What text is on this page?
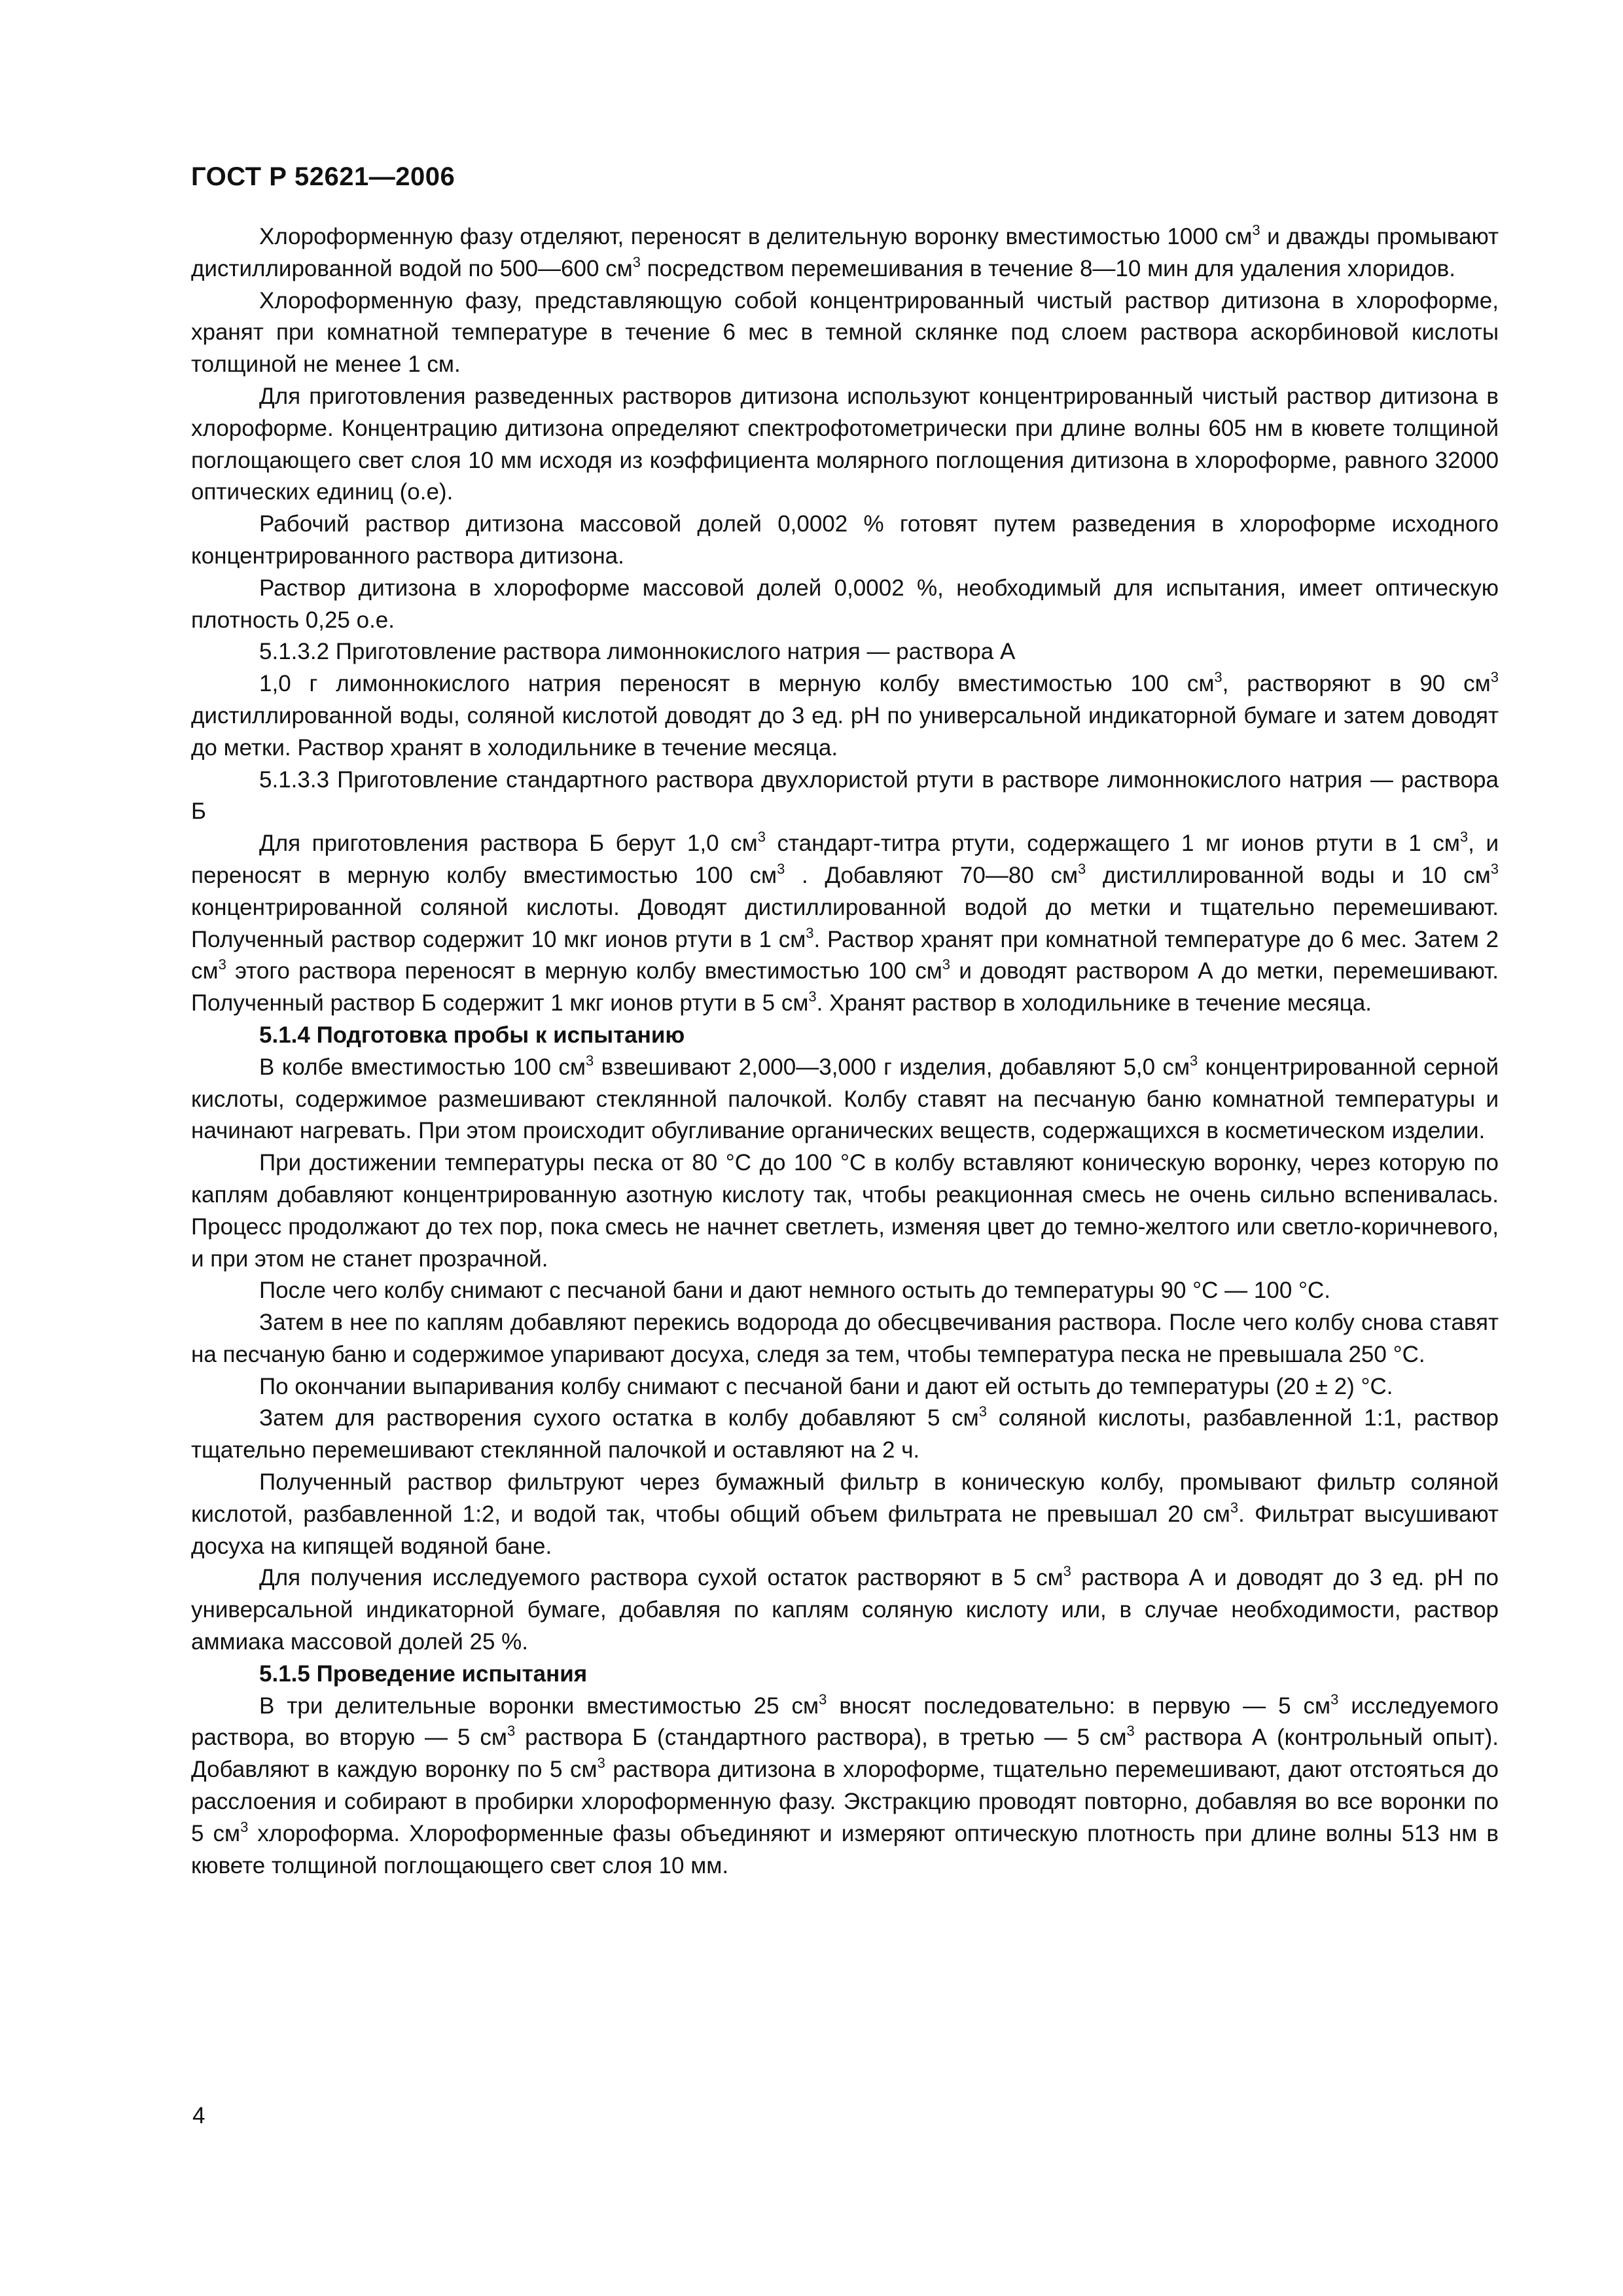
ГОСТ Р 52621—2006

Хлороформенную фазу отделяют, переносят в делительную воронку вместимостью 1000 $см^3$ и дважды промывают дистиллированной водой по 500—600 $см^3$ посредством перемешивания в течение 8—10 мин для удаления хлоридов.

Хлороформенную фазу, представляющую собой концентрированный чистый раствор дитизона в хлороформе, хранят при комнатной температуре в течение 6 мес в темной склянке под слоем раствора аскорбиновой кислоты толщиной не менее 1 см.

Для приготовления разведенных растворов дитизона используют концентрированный чистый раствор дитизона в хлороформе. Концентрацию дитизона определяют спектрофотометрически при длине волны 605 нм в кювете толщиной поглощающего свет слоя 10 мм исходя из коэффициента молярного поглощения дитизона в хлороформе, равного 32000 оптических единиц (о.е).

Рабочий раствор дитизона массовой долей 0,0002 % готовят путем разведения в хлороформе исходного концентрированного раствора дитизона.

Раствор дитизона в хлороформе массовой долей 0,0002 %, необходимый для испытания, имеет оптическую плотность 0,25 о.е.

5.1.3.2 Приготовление раствора лимоннокислого натрия — раствора А

1,0 г лимоннокислого натрия переносят в мерную колбу вместимостью 100 $см^3$, растворяют в 90 $см^3$ дистиллированной воды, соляной кислотой доводят до 3 ед. рН по универсальной индикаторной бумаге и затем доводят до метки. Раствор хранят в холодильнике в течение месяца.

5.1.3.3 Приготовление стандартного раствора двухлористой ртути в растворе лимоннокислого натрия — раствора Б

Для приготовления раствора Б берут 1,0 $см^3$ стандарт-титра ртути, содержащего 1 мг ионов ртути в 1 $см^3$, и переносят в мерную колбу вместимостью 100 $см^3$ . Добавляют 70—80 $см^3$ дистиллированной воды и 10 $см^3$ концентрированной соляной кислоты. Доводят дистиллированной водой до метки и тщательно перемешивают. Полученный раствор содержит 10 мкг ионов ртути в 1 $см^3$. Раствор хранят при комнатной температуре до 6 мес. Затем 2 $см^3$ этого раствора переносят в мерную колбу вместимостью 100 $см^3$ и доводят раствором А до метки, перемешивают. Полученный раствор Б содержит 1 мкг ионов ртути в 5 $см^3$. Хранят раствор в холодильнике в течение месяца.

5.1.4 Подготовка пробы к испытанию

В колбе вместимостью 100 $см^3$ взвешивают 2,000—3,000 г изделия, добавляют 5,0 $см^3$ концентрированной серной кислоты, содержимое размешивают стеклянной палочкой. Колбу ставят на песчаную баню комнатной температуры и начинают нагревать. При этом происходит обугливание органических веществ, содержащихся в косметическом изделии.

При достижении температуры песка от 80 °С до 100 °С в колбу вставляют коническую воронку, через которую по каплям добавляют концентрированную азотную кислоту так, чтобы реакционная смесь не очень сильно вспенивалась. Процесс продолжают до тех пор, пока смесь не начнет светлеть, изменяя цвет до темно-желтого или светло-коричневого, и при этом не станет прозрачной.

После чего колбу снимают с песчаной бани и дают немного остыть до температуры 90 °С — 100 °С.

Затем в нее по каплям добавляют перекись водорода до обесцвечивания раствора. После чего колбу снова ставят на песчаную баню и содержимое упаривают досуха, следя за тем, чтобы температура песка не превышала 250 °С.

По окончании выпаривания колбу снимают с песчаной бани и дают ей остыть до температуры (20 ± 2) °С.

Затем для растворения сухого остатка в колбу добавляют 5 $см^3$ соляной кислоты, разбавленной 1:1, раствор тщательно перемешивают стеклянной палочкой и оставляют на 2 ч.

Полученный раствор фильтруют через бумажный фильтр в коническую колбу, промывают фильтр соляной кислотой, разбавленной 1:2, и водой так, чтобы общий объем фильтрата не превышал 20 $см^3$. Фильтрат высушивают досуха на кипящей водяной бане.

Для получения исследуемого раствора сухой остаток растворяют в 5 $см^3$ раствора А и доводят до 3 ед. рН по универсальной индикаторной бумаге, добавляя по каплям соляную кислоту или, в случае необходимости, раствор аммиака массовой долей 25 %.

5.1.5 Проведение испытания

В три делительные воронки вместимостью 25 $см^3$ вносят последовательно: в первую — 5 $см^3$ исследуемого раствора, во вторую — 5 $см^3$ раствора Б (стандартного раствора), в третью — 5 $см^3$ раствора А (контрольный опыт). Добавляют в каждую воронку по 5 $см^3$ раствора дитизона в хлороформе, тщательно перемешивают, дают отстояться до расслоения и собирают в пробирки хлороформенную фазу. Экстракцию проводят повторно, добавляя во все воронки по 5 $см^3$ хлороформа. Хлороформенные фазы объединяют и измеряют оптическую плотность при длине волны 513 нм в кювете толщиной поглощающего свет слоя 10 мм.

4
